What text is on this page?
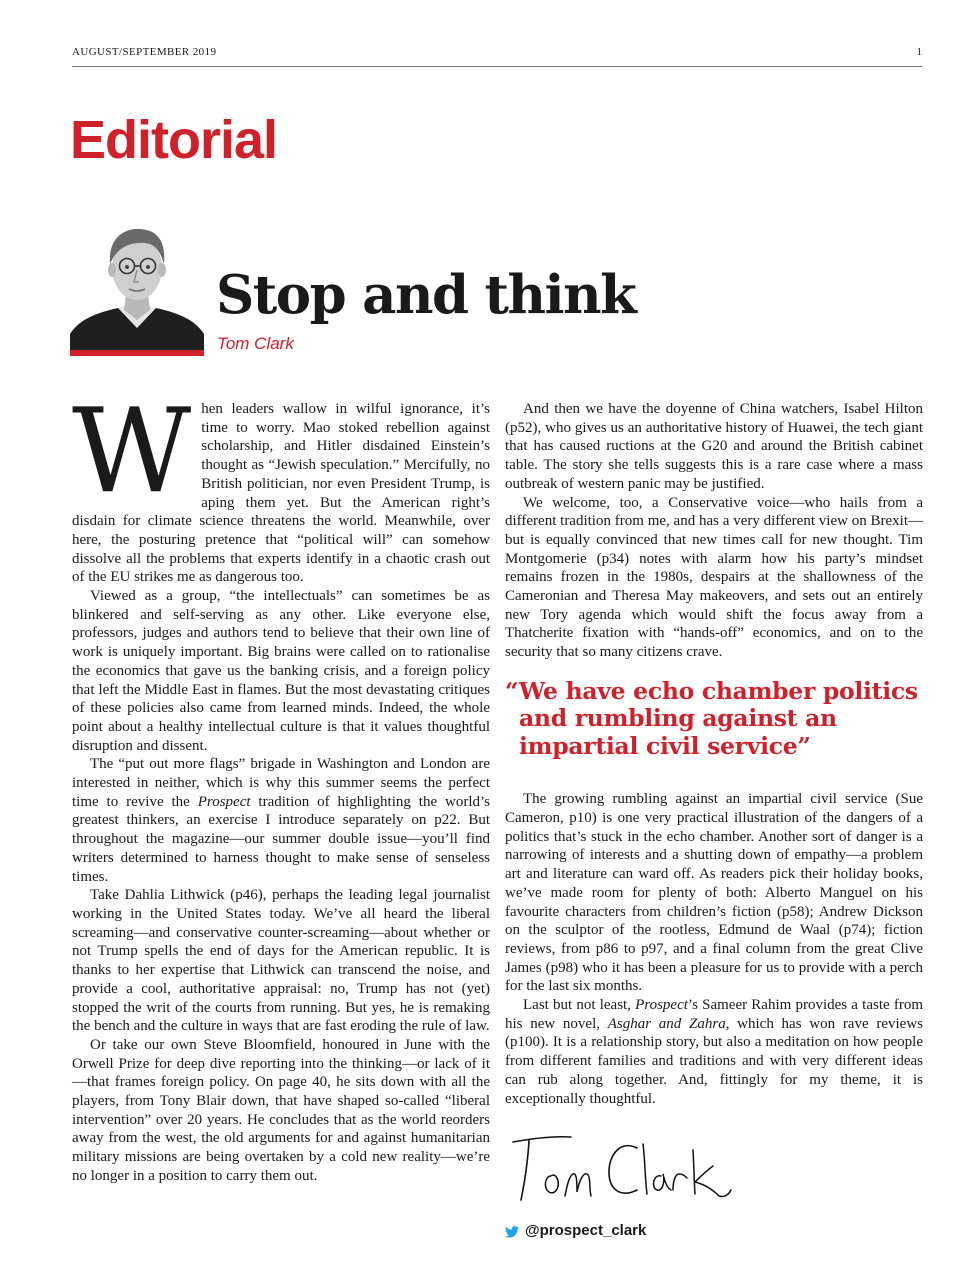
AUGUST/SEPTEMBER 2019	1
Editorial
Stop and think
Tom Clark

When leaders wallow in wilful ignorance, it’s time to worry. Mao stoked rebellion against scholarship, and Hitler disdained Einstein’s thought as “Jewish speculation.” Mercifully, no British politician, nor even President Trump, is aping them yet. But the American right’s disdain for climate science threatens the world. Meanwhile, over here, the posturing pretence that “political will” can somehow dissolve all the problems that experts identify in a chaotic crash out of the EU strikes me as dangerous too.

Viewed as a group, “the intellectuals” can sometimes be as blinkered and self-serving as any other. Like everyone else, professors, judges and authors tend to believe that their own line of work is uniquely important. Big brains were called on to rationalise the economics that gave us the banking crisis, and a foreign policy that left the Middle East in flames. But the most devastating critiques of these policies also came from learned minds. Indeed, the whole point about a healthy intellectual culture is that it values thoughtful disruption and dissent.

The “put out more flags” brigade in Washington and London are interested in neither, which is why this summer seems the perfect time to revive the Prospect tradition of highlighting the world’s greatest thinkers, an exercise I introduce separately on p22. But throughout the magazine—our summer double issue—you’ll find writers determined to harness thought to make sense of senseless times.

Take Dahlia Lithwick (p46), perhaps the leading legal journalist working in the United States today. We’ve all heard the liberal screaming—and conservative counter-screaming—about whether or not Trump spells the end of days for the American republic. It is thanks to her expertise that Lithwick can transcend the noise, and provide a cool, authoritative appraisal: no, Trump has not (yet) stopped the writ of the courts from running. But yes, he is remaking the bench and the culture in ways that are fast eroding the rule of law.

Or take our own Steve Bloomfield, honoured in June with the Orwell Prize for deep dive reporting into the thinking—or lack of it—that frames foreign policy. On page 40, he sits down with all the players, from Tony Blair down, that have shaped so-called “liberal intervention” over 20 years. He concludes that as the world reorders away from the west, the old arguments for and against humanitarian military missions are being overtaken by a cold new reality—we’re no longer in a position to carry them out.

And then we have the doyenne of China watchers, Isabel Hilton (p52), who gives us an authoritative history of Huawei, the tech giant that has caused ructions at the G20 and around the British cabinet table. The story she tells suggests this is a rare case where a mass outbreak of western panic may be justified.

We welcome, too, a Conservative voice—who hails from a different tradition from me, and has a very different view on Brexit—but is equally convinced that new times call for new thought. Tim Montgomerie (p34) notes with alarm how his party’s mindset remains frozen in the 1980s, despairs at the shallowness of the Cameronian and Theresa May makeovers, and sets out an entirely new Tory agenda which would shift the focus away from a Thatcherite fixation with “hands-off” economics, and on to the security that so many citizens crave.

“We have echo chamber politics and rumbling against an impartial civil service”

The growing rumbling against an impartial civil service (Sue Cameron, p10) is one very practical illustration of the dangers of a politics that’s stuck in the echo chamber. Another sort of danger is a narrowing of interests and a shutting down of empathy—a problem art and literature can ward off. As readers pick their holiday books, we’ve made room for plenty of both: Alberto Manguel on his favourite characters from children’s fiction (p58); Andrew Dickson on the sculptor of the rootless, Edmund de Waal (p74); fiction reviews, from p86 to p97, and a final column from the great Clive James (p98) who it has been a pleasure for us to provide with a perch for the last six months.

Last but not least, Prospect’s Sameer Rahim provides a taste from his new novel, Asghar and Zahra, which has won rave reviews (p100). It is a relationship story, but also a meditation on how people from different families and traditions and with very different ideas can rub along together. And, fittingly for my theme, it is exceptionally thoughtful.

@prospect_clark
